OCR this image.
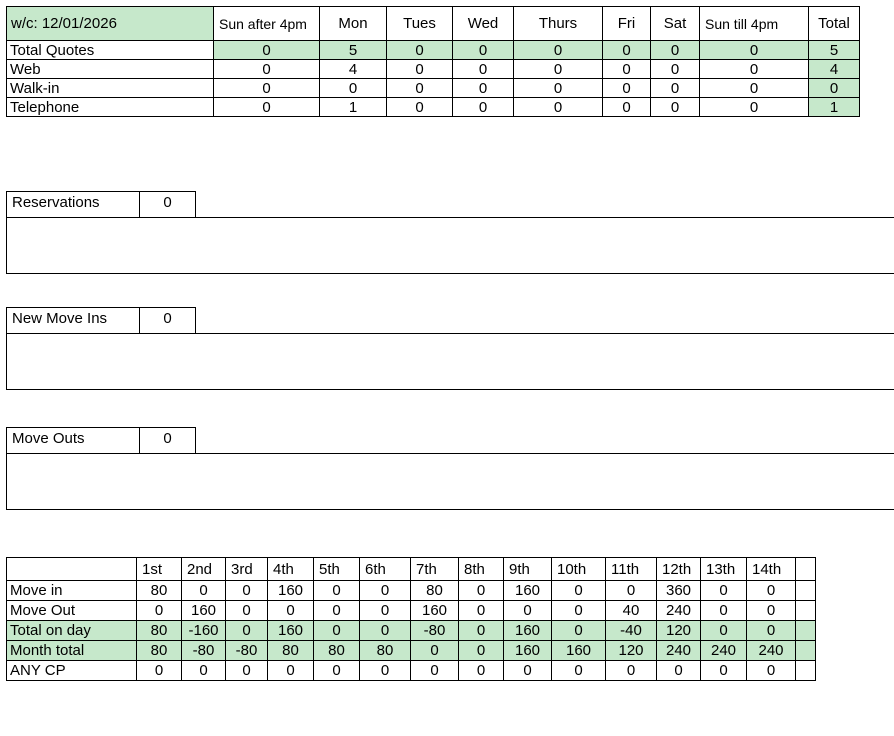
w/c: 12/01/2026	Sun after 4pm	Mon	Tues	Wed	Thurs	Fri	Sat	Sun till 4pm	Total
Total Quotes	0	5	0	0	0	0	0	0	5
Web	0	4	0	0	0	0	0	0	4
Walk-in	0	0	0	0	0	0	0	0	0
Telephone	0	1	0	0	0	0	0	0	1
Reservations	0
New Move Ins	0
Move Outs	0
	1st	2nd	3rd	4th	5th	6th	7th	8th	9th	10th	11th	12th	13th	14th	
Move in	80	0	0	160	0	0	80	0	160	0	0	360	0	0	
Move Out	0	160	0	0	0	0	160	0	0	0	40	240	0	0	
Total on day	80	-160	0	160	0	0	-80	0	160	0	-40	120	0	0	
Month total	80	-80	-80	80	80	80	0	0	160	160	120	240	240	240	
ANY CP	0	0	0	0	0	0	0	0	0	0	0	0	0	0	
